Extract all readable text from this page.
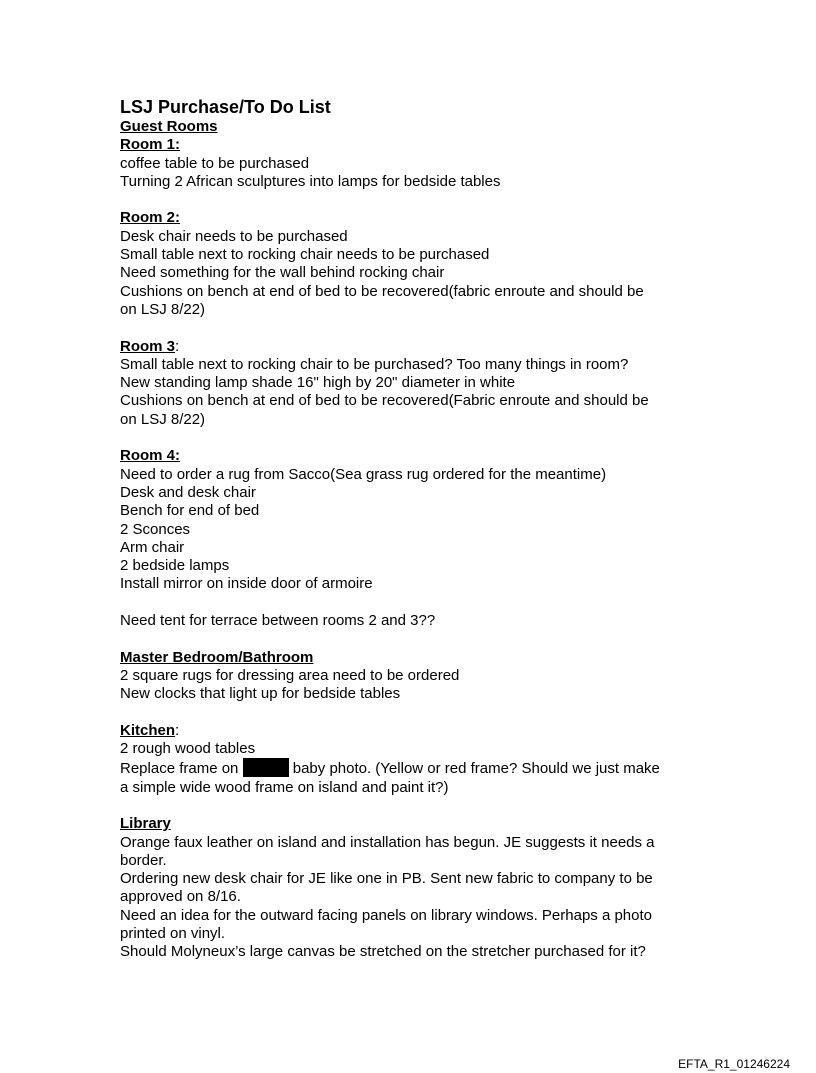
LSJ Purchase/To Do List
Guest Rooms
Room 1:
coffee table to be purchased
Turning 2 African sculptures into lamps for bedside tables
Room 2:
Desk chair needs to be purchased
Small table next to rocking chair needs to be purchased
Need something for the wall behind rocking chair
Cushions on bench at end of bed to be recovered(fabric enroute and should be
on LSJ 8/22)
Room 3:
Small table next to rocking chair to be purchased? Too many things in room?
New standing lamp shade 16" high by 20" diameter in white
Cushions on bench at end of bed to be recovered(Fabric enroute and should be
on LSJ 8/22)
Room 4:
Need to order a rug from Sacco(Sea grass rug ordered for the meantime)
Desk and desk chair
Bench for end of bed
2 Sconces
Arm chair
2 bedside lamps
Install mirror on inside door of armoire
Need tent for terrace between rooms 2 and 3??
Master Bedroom/Bathroom
2 square rugs for dressing area need to be ordered
New clocks that light up for bedside tables
Kitchen:
2 rough wood tables
Replace frame on	baby photo. (Yellow or red frame? Should we just make
a simple wide wood frame on island and paint it?)
Library
Orange faux leather on island and installation has begun. JE suggests it needs a
border.
Ordering new desk chair for JE like one in PB. Sent new fabric to company to be
approved on 8/16.
Need an idea for the outward facing panels on library windows. Perhaps a photo
printed on vinyl.
Should Molyneux’s large canvas be stretched on the stretcher purchased for it?
EFTA_R1_01246224
